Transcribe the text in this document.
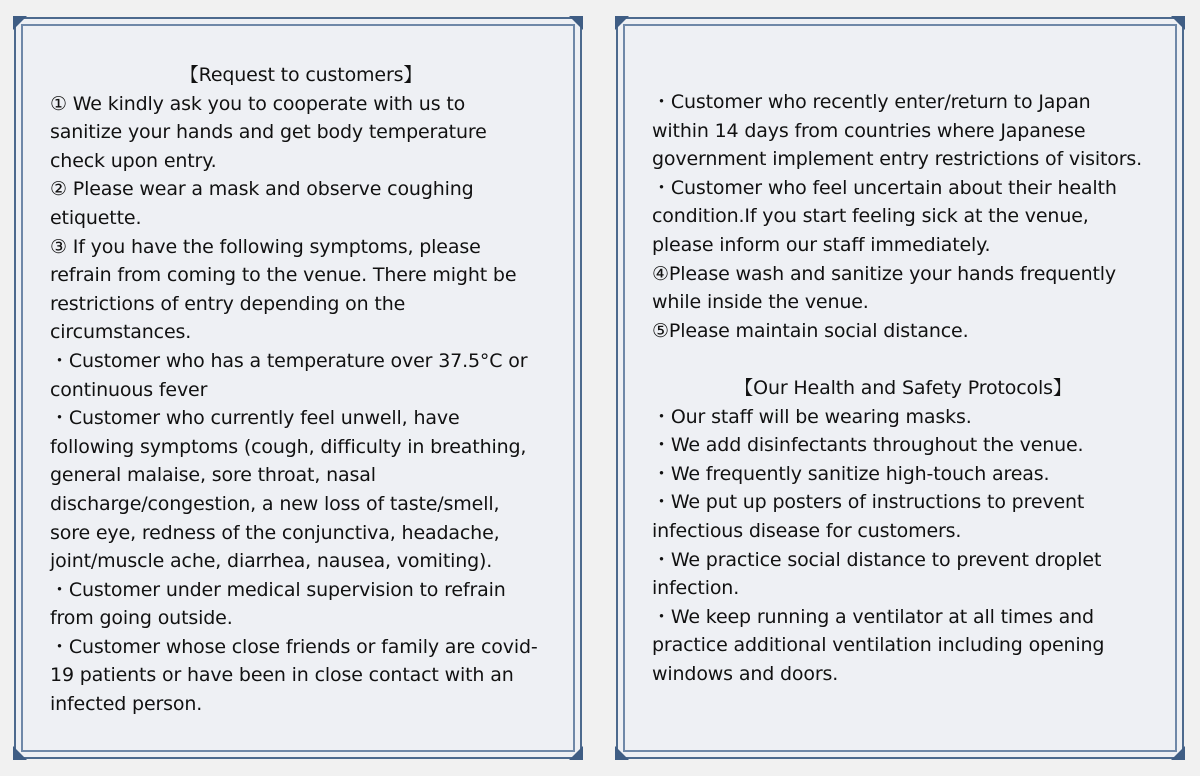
【Request to customers】
① We kindly ask you to cooperate with us to
sanitize your hands and get body temperature
check upon entry.
② Please wear a mask and observe coughing
etiquette.
③ If you have the following symptoms, please
refrain from coming to the venue. There might be
restrictions of entry depending on the
circumstances.
・Customer who has a temperature over 37.5°C or
continuous fever
・Customer who currently feel unwell, have
following symptoms (cough, difficulty in breathing,
general malaise, sore throat, nasal
discharge/congestion, a new loss of taste/smell,
sore eye, redness of the conjunctiva, headache,
joint/muscle ache, diarrhea, nausea, vomiting).
・Customer under medical supervision to refrain
from going outside.
・Customer whose close friends or family are covid-
19 patients or have been in close contact with an
infected person.
・Customer who recently enter/return to Japan
within 14 days from countries where Japanese
government implement entry restrictions of visitors.
・Customer who feel uncertain about their health
condition.If you start feeling sick at the venue,
please inform our staff immediately.
④Please wash and sanitize your hands frequently
while inside the venue.
⑤Please maintain social distance.
【Our Health and Safety Protocols】
・Our staff will be wearing masks.
・We add disinfectants throughout the venue.
・We frequently sanitize high-touch areas.
・We put up posters of instructions to prevent
infectious disease for customers.
・We practice social distance to prevent droplet
infection.
・We keep running a ventilator at all times and
practice additional ventilation including opening
windows and doors.
